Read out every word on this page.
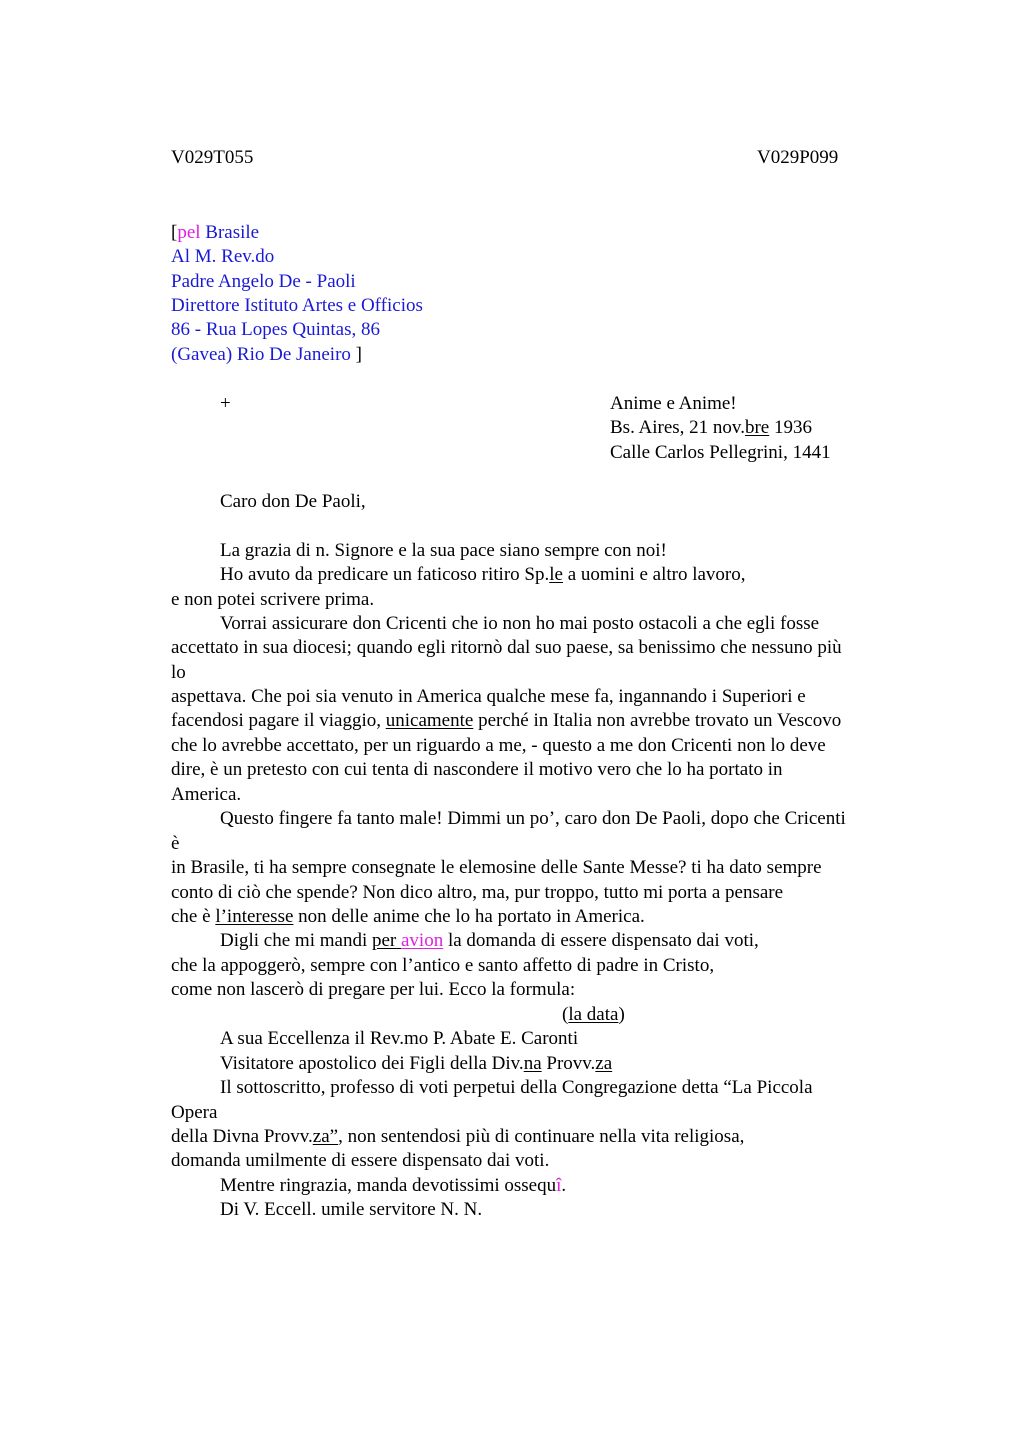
V029T055	V029P099
[pel Brasile
Al M. Rev.do
Padre Angelo De - Paoli
Direttore Istituto Artes e Officios
86 - Rua Lopes Quintas, 86
(Gavea) Rio De Janeiro ]
+	Anime e Anime!
Bs. Aires, 21 nov.bre 1936
Calle Carlos Pellegrini, 1441
Caro don De Paoli,
La grazia di n. Signore e la sua pace siano sempre con noi!
Ho avuto da predicare un faticoso ritiro Sp.le a uomini e altro lavoro,
e non potei scrivere prima.
Vorrai assicurare don Cricenti che io non ho mai posto ostacoli a che egli fosse
accettato in sua diocesi; quando egli ritornò dal suo paese, sa benissimo che nessuno più
lo
aspettava. Che poi sia venuto in America qualche mese fa, ingannando i Superiori e
facendosi pagare il viaggio, unicamente perché in Italia non avrebbe trovato un Vescovo
che lo avrebbe accettato, per un riguardo a me, - questo a me don Cricenti non lo deve
dire, è un pretesto con cui tenta di nascondere il motivo vero che lo ha portato in
America.
Questo fingere fa tanto male! Dimmi un po’, caro don De Paoli, dopo che Cricenti
è
in Brasile, ti ha sempre consegnate le elemosine delle Sante Messe? ti ha dato sempre
conto di ciò che spende? Non dico altro, ma, pur troppo, tutto mi porta a pensare
che è l’interesse non delle anime che lo ha portato in America.
Digli che mi mandi per avion la domanda di essere dispensato dai voti,
che la appoggerò, sempre con l’antico e santo affetto di padre in Cristo,
come non lascerò di pregare per lui. Ecco la formula:
(la data)
A sua Eccellenza il Rev.mo P. Abate E. Caronti
Visitatore apostolico dei Figli della Div.na Provv.za
Il sottoscritto, professo di voti perpetui della Congregazione detta “La Piccola
Opera
della Divna Provv.za”, non sentendosi più di continuare nella vita religiosa,
domanda umilmente di essere dispensato dai voti.
Mentre ringrazia, manda devotissimi ossequî.
Di V. Eccell. umile servitore N. N.
